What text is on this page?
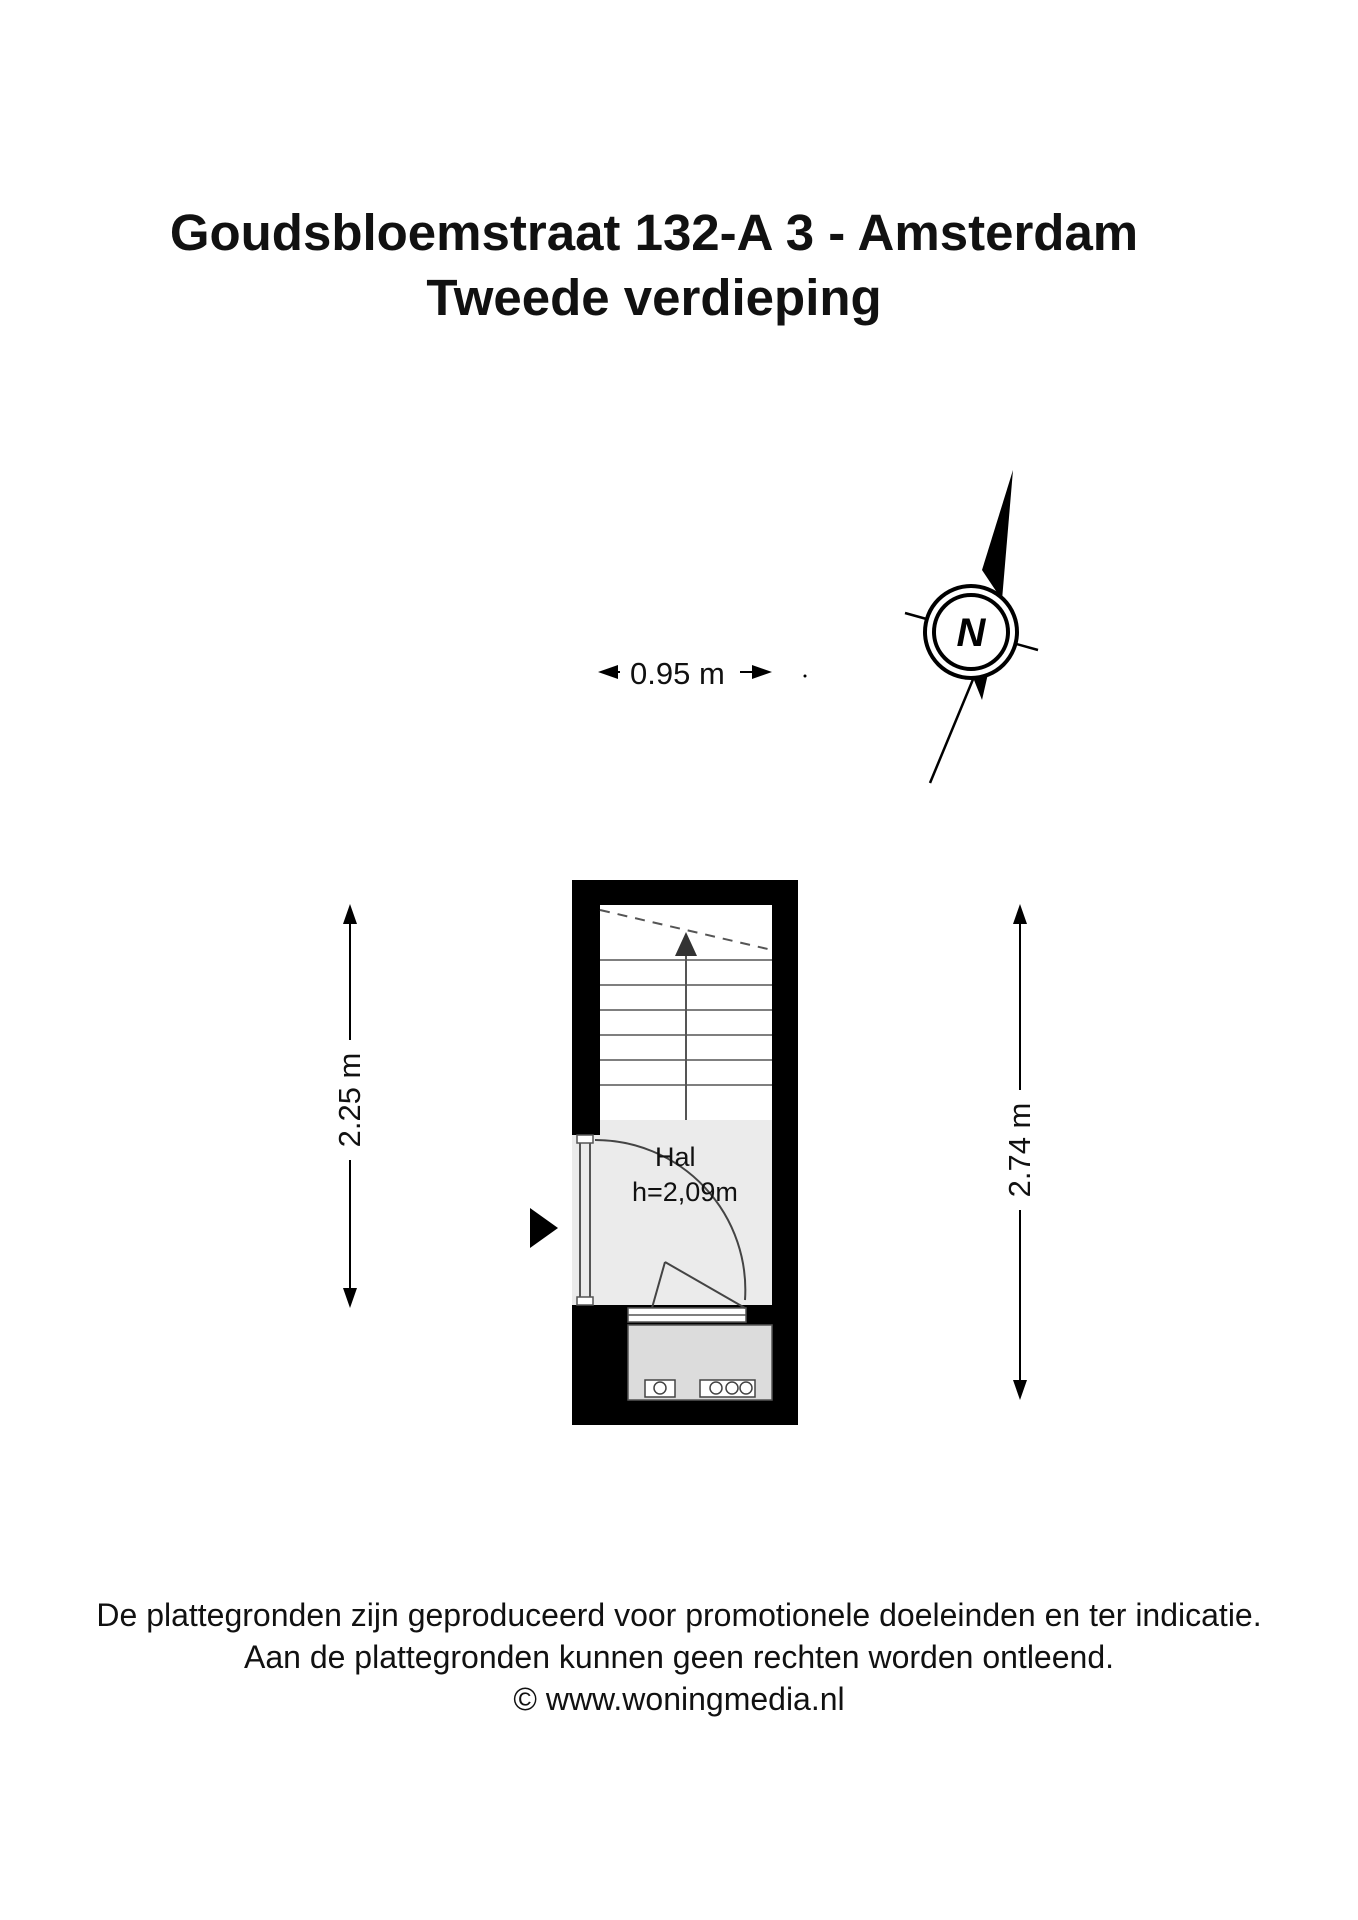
Goudsbloemstraat 132-A 3 - Amsterdam
Tweede verdieping
N
0.95 m
2.25 m
2.74 m
Hal
h=2,09m
De plattegronden zijn geproduceerd voor promotionele doeleinden en ter indicatie.
Aan de plattegronden kunnen geen rechten worden ontleend.
© www.woningmedia.nl
